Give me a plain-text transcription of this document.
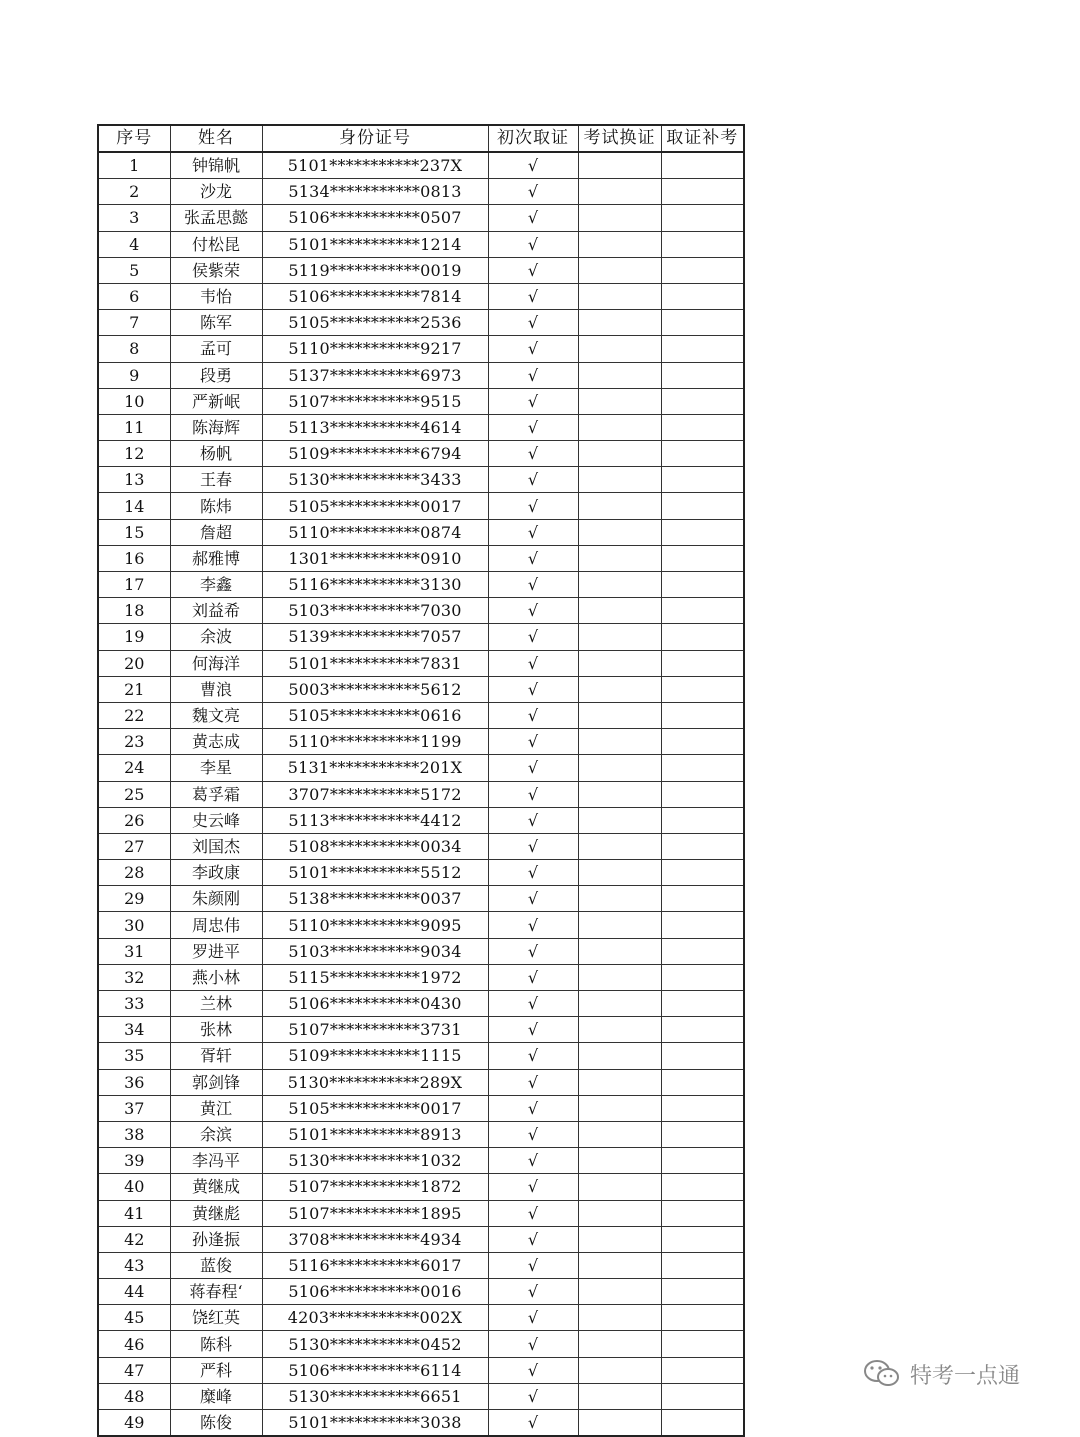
序号	姓名	身份证号	初次取证	考试换证	取证补考
1	钟锦帆	5101***********237X	√		
2	沙龙	5134***********0813	√		
3	张孟思懿	5106***********0507	√		
4	付松昆	5101***********1214	√		
5	侯紫荣	5119***********0019	√		
6	韦怡	5106***********7814	√		
7	陈军	5105***********2536	√		
8	孟可	5110***********9217	√		
9	段勇	5137***********6973	√		
10	严新岷	5107***********9515	√		
11	陈海辉	5113***********4614	√		
12	杨帆	5109***********6794	√		
13	王春	5130***********3433	√		
14	陈炜	5105***********0017	√		
15	詹超	5110***********0874	√		
16	郝雅博	1301***********0910	√		
17	李鑫	5116***********3130	√		
18	刘益希	5103***********7030	√		
19	余波	5139***********7057	√		
20	何海洋	5101***********7831	√		
21	曹浪	5003***********5612	√		
22	魏文亮	5105***********0616	√		
23	黄志成	5110***********1199	√		
24	李星	5131***********201X	√		
25	葛孚霜	3707***********5172	√		
26	史云峰	5113***********4412	√		
27	刘国杰	5108***********0034	√		
28	李政康	5101***********5512	√		
29	朱颜刚	5138***********0037	√		
30	周忠伟	5110***********9095	√		
31	罗进平	5103***********9034	√		
32	燕小林	5115***********1972	√		
33	兰林	5106***********0430	√		
34	张林	5107***********3731	√		
35	胥轩	5109***********1115	√		
36	郭剑锋	5130***********289X	√		
37	黄江	5105***********0017	√		
38	余滨	5101***********8913	√		
39	李冯平	5130***********1032	√		
40	黄继成	5107***********1872	√		
41	黄继彪	5107***********1895	√		
42	孙逢振	3708***********4934	√		
43	蓝俊	5116***********6017	√		
44	蒋春程‘	5106***********0016	√		
45	饶红英	4203***********002X	√		
46	陈科	5130***********0452	√		
47	严科	5106***********6114	√		
48	糜峰	5130***********6651	√		
49	陈俊	5101***********3038	√		
特考一点通
